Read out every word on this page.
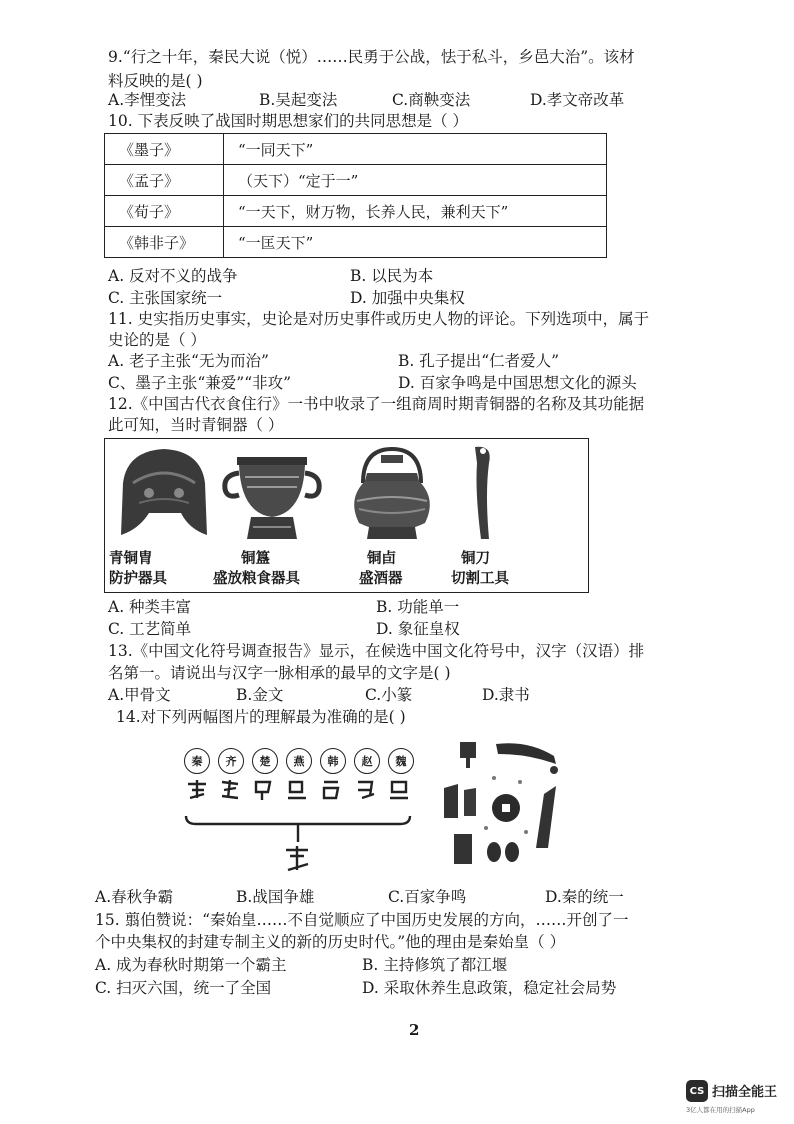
9.“行之十年，秦民大说（悦）……民勇于公战，怯于私斗，乡邑大治”。该材
料反映的是( )
A.李悝变法	B.吴起变法	C.商鞅变法	D.孝文帝改革
10. 下表反映了战国时期思想家们的共同思想是（ ）
《墨子》	“一同天下”
《孟子》	（天下）“定于一”
《荀子》	“一天下，财万物，长养人民，兼利天下”
《韩非子》	“一匡天下”
A. 反对不义的战争	B. 以民为本
C. 主张国家统一	D. 加强中央集权
11. 史实指历史事实，史论是对历史事件或历史人物的评论。下列选项中，属于
史论的是（ ）
A. 老子主张“无为而治”	B. 孔子提出“仁者爱人”
C、墨子主张“兼爱”“非攻”	D. 百家争鸣是中国思想文化的源头
12.《中国古代衣食住行》一书中收录了一组商周时期青铜器的名称及其功能据
此可知，当时青铜器（ ）
青铜胄
防护器具
铜簋
盛放粮食器具
铜卣
盛酒器
铜刀
切割工具
A. 种类丰富	B. 功能单一
C. 工艺简单	D. 象征皇权
13.《中国文化符号调查报告》显示，在候选中国文化符号中，汉字（汉语）排
名第一。请说出与汉字一脉相承的最早的文字是( )
A.甲骨文	B.金文	C.小篆	D.隶书
14.对下列两幅图片的理解最为准确的是( )
秦	齐	楚	燕	韩	赵	魏
A.春秋争霸	B.战国争雄	C.百家争鸣	D.秦的统一
15. 翦伯赞说：“秦始皇……不自觉顺应了中国历史发展的方向，……开创了一
个中央集权的封建专制主义的新的历史时代。”他的理由是秦始皇（ ）
A. 成为春秋时期第一个霸主	B. 主持修筑了都江堰
C. 扫灭六国，统一了全国	D. 采取休养生息政策，稳定社会局势
2
CS 扫描全能王
3亿人都在用的扫描App
